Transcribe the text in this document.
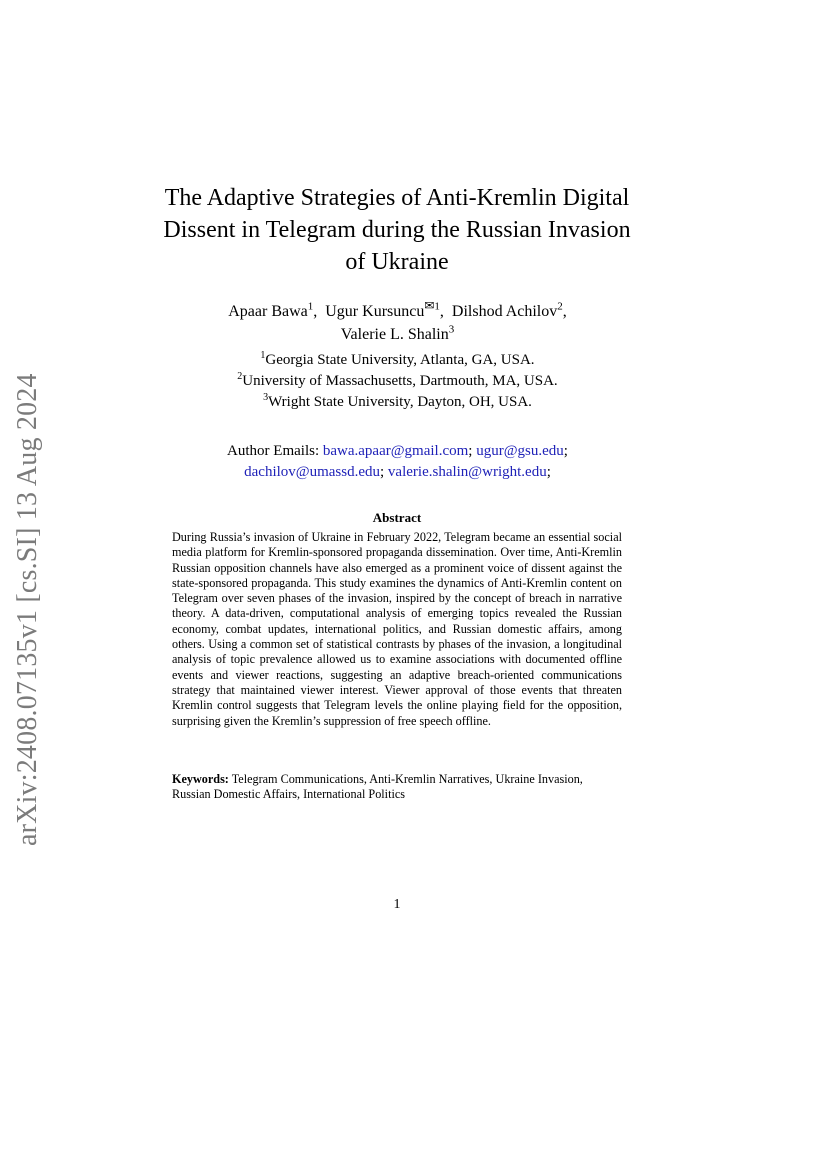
arXiv:2408.07135v1 [cs.SI] 13 Aug 2024
The Adaptive Strategies of Anti-Kremlin Digital
Dissent in Telegram during the Russian Invasion
of Ukraine
Apaar Bawa$^1$,  Ugur Kursuncu$^{✉1}$,  Dilshod Achilov$^2$,
Valerie L. Shalin$^3$
$^1$Georgia State University, Atlanta, GA, USA.
$^2$University of Massachusetts, Dartmouth, MA, USA.
$^3$Wright State University, Dayton, OH, USA.
Author Emails: bawa.apaar@gmail.com; ugur@gsu.edu;
dachilov@umassd.edu; valerie.shalin@wright.edu;
Abstract
During Russia’s invasion of Ukraine in February 2022, Telegram became an essential social media platform for Kremlin-sponsored propaganda dissemination. Over time, Anti-Kremlin Russian opposition channels have also emerged as a prominent voice of dissent against the state-sponsored propaganda. This study examines the dynamics of Anti-Kremlin content on Telegram over seven phases of the invasion, inspired by the concept of breach in narrative theory. A data-driven, computational analysis of emerging topics revealed the Russian economy, combat updates, international politics, and Russian domestic affairs, among others. Using a common set of statistical contrasts by phases of the invasion, a longitudinal analysis of topic prevalence allowed us to examine associations with documented offline events and viewer reactions, suggesting an adaptive breach-oriented communications strategy that maintained viewer interest. Viewer approval of those events that threaten Kremlin control suggests that Telegram levels the online playing field for the opposition, surprising given the Kremlin’s suppression of free speech offline.
Keywords: Telegram Communications, Anti-Kremlin Narratives, Ukraine Invasion, Russian Domestic Affairs, International Politics
1
